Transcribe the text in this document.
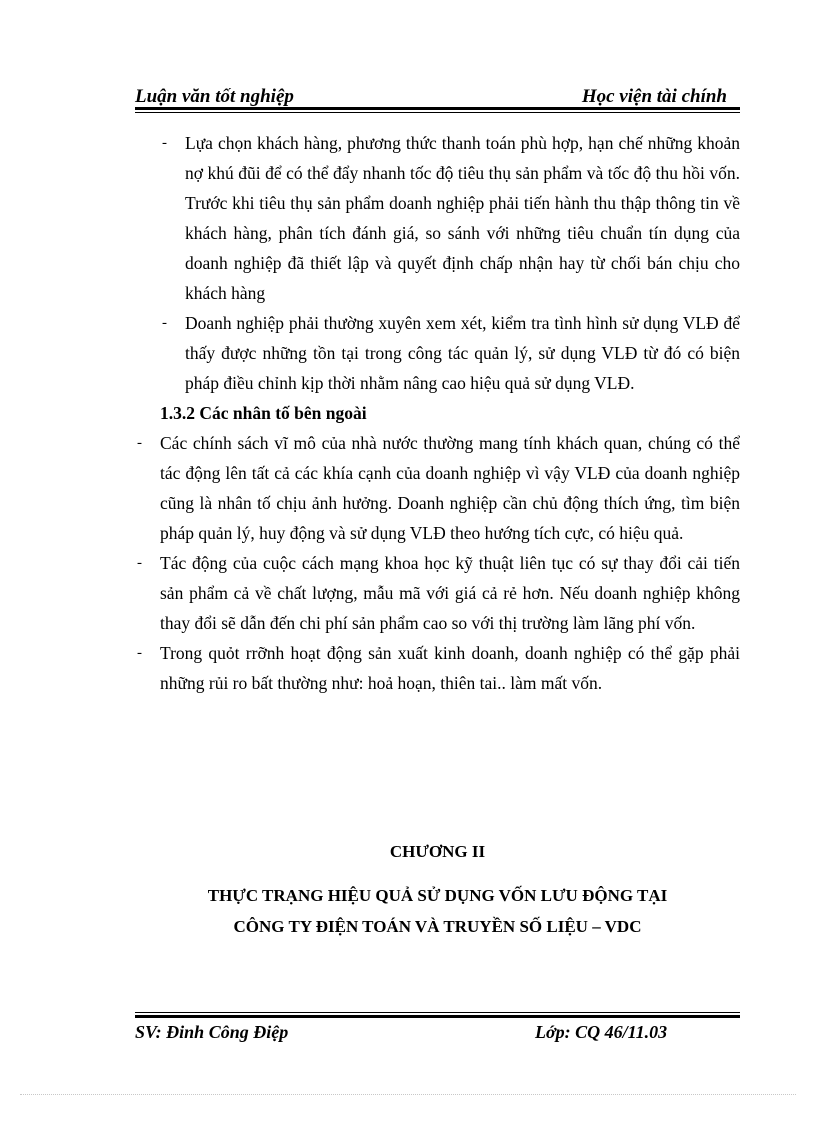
Luận văn tốt nghiệp	Học viện tài chính
- Lựa chọn khách hàng, phương thức thanh toán phù hợp, hạn chế những khoản nợ khú đũi để có thể đẩy nhanh tốc độ tiêu thụ sản phẩm và tốc độ thu hồi vốn. Trước khi tiêu thụ sản phẩm doanh nghiệp phải tiến hành thu thập thông tin về khách hàng, phân tích đánh giá, so sánh với những tiêu chuẩn tín dụng của doanh nghiệp đã thiết lập và quyết định chấp nhận hay từ chối bán chịu cho khách hàng
- Doanh nghiệp phải thường xuyên xem xét, kiểm tra tình hình sử dụng VLĐ để thấy được những tồn tại trong công tác quản lý, sử dụng VLĐ từ đó có biện pháp điều chỉnh kịp thời nhằm nâng cao hiệu quả sử dụng VLĐ.
1.3.2 Các nhân tố bên ngoài
- Các chính sách vĩ mô của nhà nước thường mang tính khách quan, chúng có thể tác động lên tất cả các khía cạnh của doanh nghiệp vì vậy VLĐ của doanh nghiệp cũng là nhân tố chịu ảnh hưởng. Doanh nghiệp cần chủ động thích ứng, tìm biện pháp quản lý, huy động và sử dụng VLĐ theo hướng tích cực, có hiệu quả.
- Tác động của cuộc cách mạng khoa học kỹ thuật liên tục có sự thay đổi cải tiến sản phẩm cả về chất lượng, mẫu mã với giá cả rẻ hơn. Nếu doanh nghiệp không thay đổi sẽ dẫn đến chi phí sản phẩm cao so với thị trường làm lãng phí vốn.
- Trong quỏt rrỡnh hoạt động sản xuất kinh doanh, doanh nghiệp có thể gặp phải những rủi ro bất thường như: hoả hoạn, thiên tai.. làm mất vốn.
CHƯƠNG II
THỰC TRẠNG HIỆU QUẢ SỬ DỤNG VỐN LƯU ĐỘNG TẠI
CÔNG TY ĐIỆN TOÁN VÀ TRUYỀN SỐ LIỆU – VDC
SV: Đinh Công Điệp	Lớp: CQ 46/11.03
